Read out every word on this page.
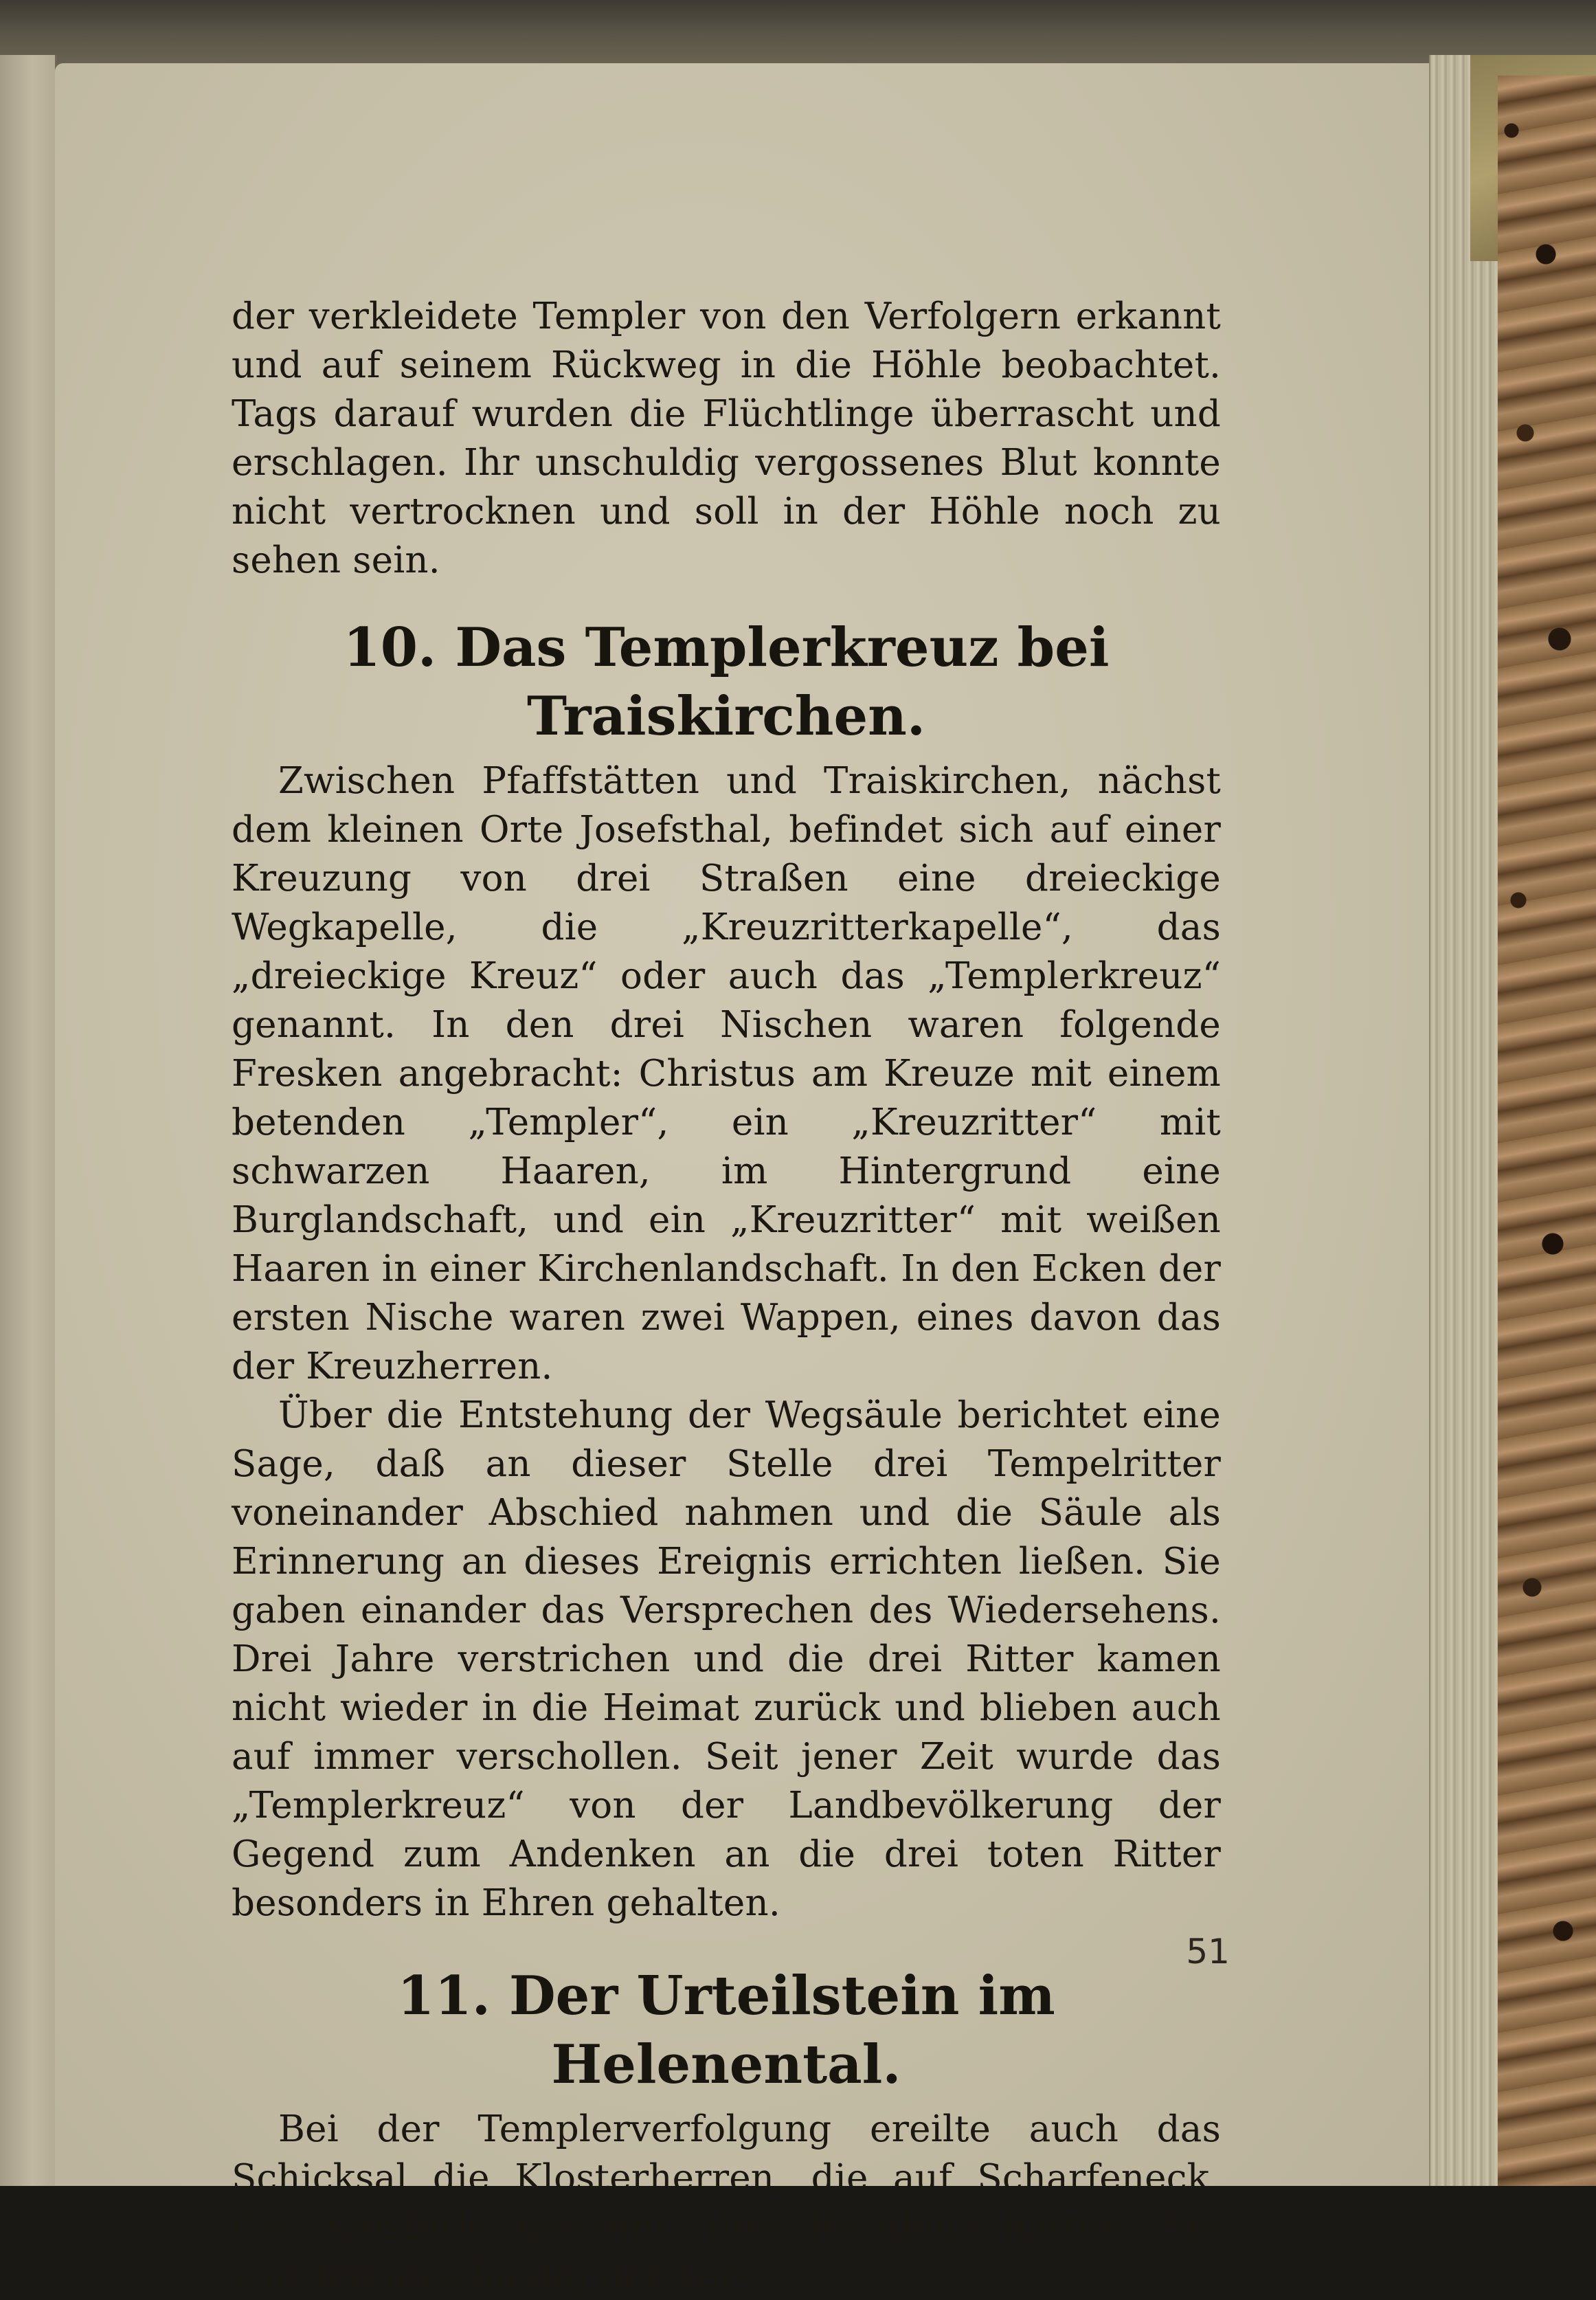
der verkleidete Templer von den Verfolgern erkannt und auf seinem Rückweg in die Höhle beobachtet. Tags darauf wurden die Flüchtlinge überrascht und erschlagen. Ihr unschuldig vergossenes Blut konnte nicht vertrocknen und soll in der Höhle noch zu sehen sein.

10. Das Templerkreuz bei Traiskirchen.

Zwischen Pfaffstätten und Traiskirchen, nächst dem kleinen Orte Josefsthal, befindet sich auf einer Kreuzung von drei Straßen eine dreieckige Wegkapelle, die „Kreuzritterkapelle“, das „dreieckige Kreuz“ oder auch das „Templerkreuz“ genannt. In den drei Nischen waren folgende Fresken angebracht: Christus am Kreuze mit einem betenden „Templer“, ein „Kreuzritter“ mit schwarzen Haaren, im Hintergrund eine Burglandschaft, und ein „Kreuzritter“ mit weißen Haaren in einer Kirchenlandschaft. In den Ecken der ersten Nische waren zwei Wappen, eines davon das der Kreuzherren.

Über die Entstehung der Wegsäule berichtet eine Sage, daß an dieser Stelle drei Tempelritter voneinander Abschied nahmen und die Säule als Erinnerung an dieses Ereignis errichten ließen. Sie gaben einander das Versprechen des Wiedersehens. Drei Jahre verstrichen und die drei Ritter kamen nicht wieder in die Heimat zurück und blieben auch auf immer verschollen. Seit jener Zeit wurde das „Templerkreuz“ von der Landbevölkerung der Gegend zum Andenken an die drei toten Ritter besonders in Ehren gehalten.

11. Der Urteilstein im Helenental.

Bei der Templerverfolgung ereilte auch das Schicksal die Klosterherren, die auf Scharfeneck, das Klösterle genannt, ihre Residenz hatten. Sie wurden unschuldig der Ver-

51
